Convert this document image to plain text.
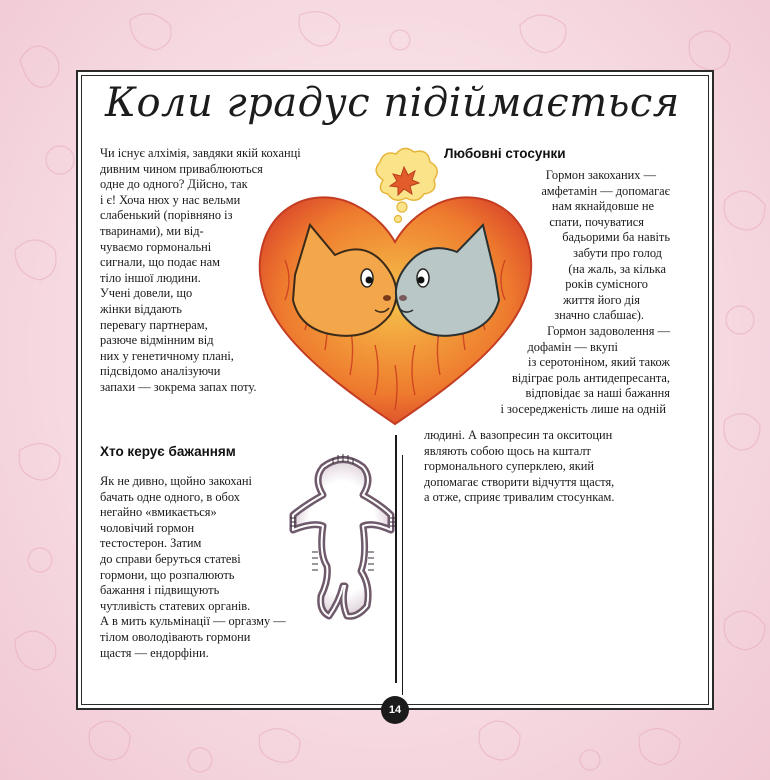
Коли градус підіймається
Чи існує алхімія, завдяки якій коханці
дивним чином приваблюються
одне до одного? Дійсно, так
і є! Хоча нюх у нас вельми
слабенький (порівняно із
тваринами), ми від-
чуваємо гормональні
сигнали, що подає нам
тіло іншої людини.
Учені довели, що
жінки віддають
перевагу партнерам,
разюче відмінним від
них у генетичному плані,
підсвідомо аналізуючи
запахи — зокрема запах поту.
Хто керує бажанням
Як не дивно, щойно закохані
бачать одне одного, в обох
негайно «вмикається»
чоловічий гормон
тестостерон. Затим
до справи беруться статеві
гормони, що розпалюють
бажання і підвищують
чутливість статевих органів.
А в мить кульмінації — оргазму —
тілом оволодівають гормони
щастя — ендорфіни.
Любовні стосунки
Гормон закоханих —
амфетамін — допомагає
нам якнайдовше не
спати, почуватися
бадьорими ба навіть
забути про голод
(на жаль, за кілька
років сумісного
життя його дія
значно слабшає).
Гормон задоволення —
дофамін — вкупі
із серотоніном, який також
відіграє роль антидепресанта,
відповідає за наші бажання
і зосередженість лише на одній
людині. А вазопресин та окситоцин
являють собою щось на кшталт
гормонального суперклею, який
допомагає створити відчуття щастя,
а отже, сприяє тривалим стосункам.
14
